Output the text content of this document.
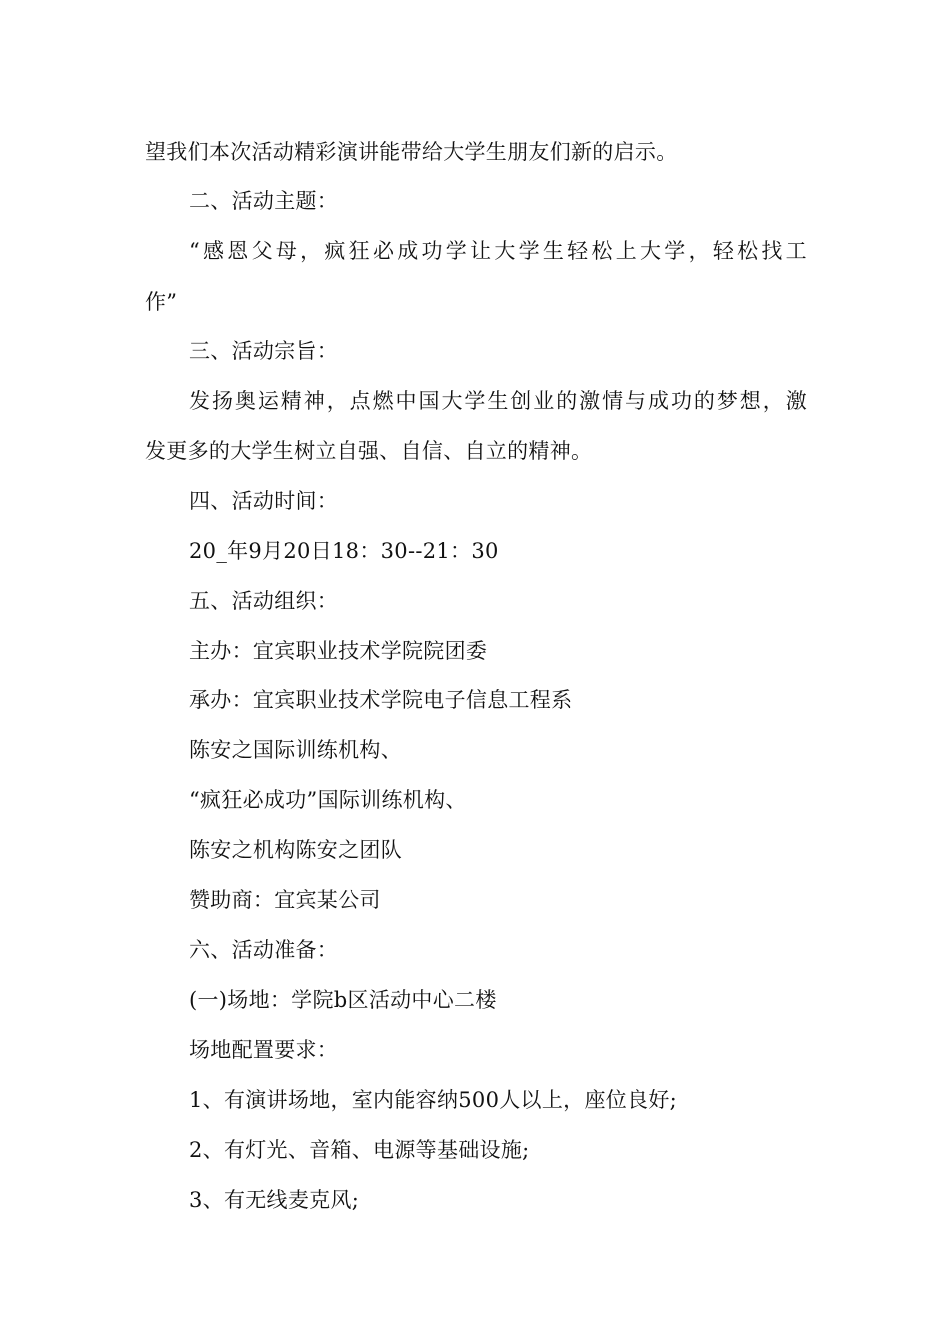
望我们本次活动精彩演讲能带给大学生朋友们新的启示。
二、活动主题：
“感恩父母，疯狂必成功学让大学生轻松上大学，轻松找工
作”
三、活动宗旨：
发扬奥运精神，点燃中国大学生创业的激情与成功的梦想，激
发更多的大学生树立自强、自信、自立的精神。
四、活动时间：
20_年9月20日18：30--21：30
五、活动组织：
主办：宜宾职业技术学院院团委
承办：宜宾职业技术学院电子信息工程系
陈安之国际训练机构、
“疯狂必成功”国际训练机构、
陈安之机构陈安之团队
赞助商：宜宾某公司
六、活动准备：
(一)场地：学院b区活动中心二楼
场地配置要求：
1、有演讲场地，室内能容纳500人以上，座位良好;
2、有灯光、音箱、电源等基础设施;
3、有无线麦克风;
